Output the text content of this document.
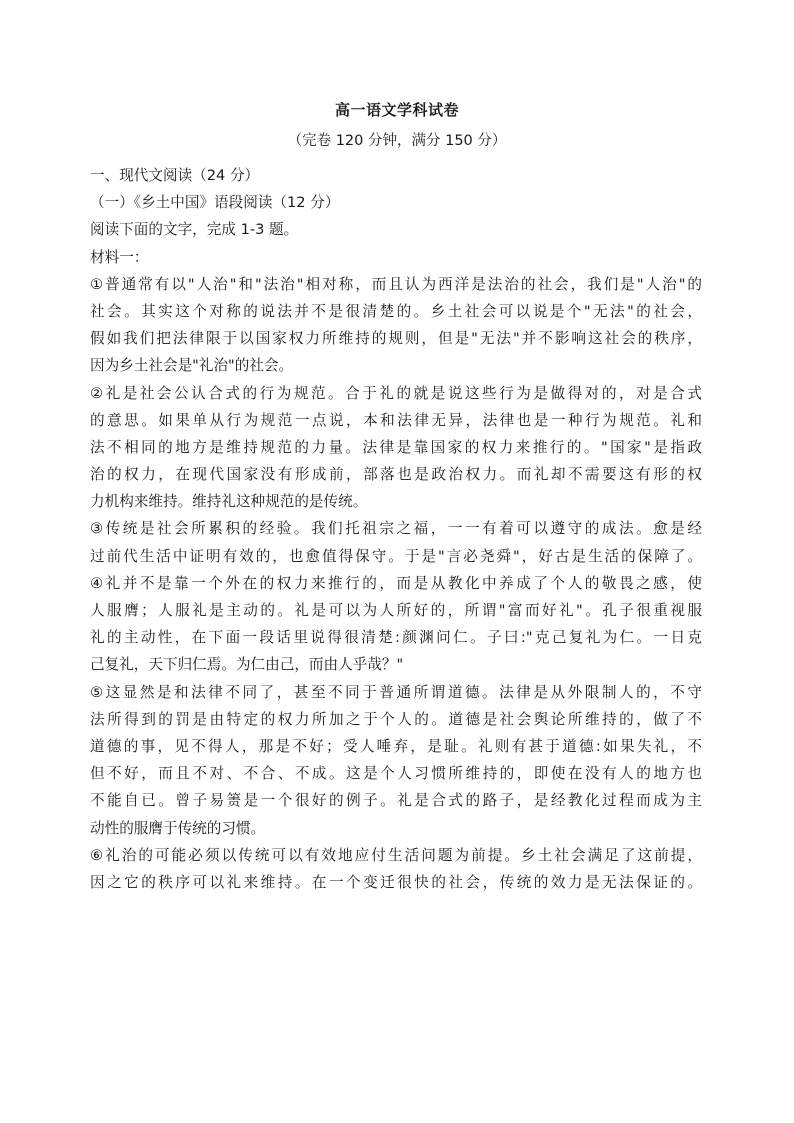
高一语文学科试卷
（完卷 120 分钟，满分 150 分）
一、现代文阅读（24 分）
（一）《乡土中国》语段阅读（12 分）
阅读下面的文字，完成 1-3 题。
材料一：
①普通常有以"人治"和"法治"相对称，而且认为西洋是法治的社会，我们是"人治"的
社会。其实这个对称的说法并不是很清楚的。乡土社会可以说是个"无法"的社会，
假如我们把法律限于以国家权力所维持的规则，但是"无法"并不影响这社会的秩序，
因为乡土社会是"礼治"的社会。
②礼是社会公认合式的行为规范。合于礼的就是说这些行为是做得对的，对是合式
的意思。如果单从行为规范一点说，本和法律无异，法律也是一种行为规范。礼和
法不相同的地方是维持规范的力量。法律是靠国家的权力来推行的。"国家"是指政
治的权力，在现代国家没有形成前，部落也是政治权力。而礼却不需要这有形的权
力机构来维持。维持礼这种规范的是传统。
③传统是社会所累积的经验。我们托祖宗之福，一一有着可以遵守的成法。愈是经
过前代生活中证明有效的，也愈值得保守。于是"言必尧舜"，好古是生活的保障了。
④礼并不是靠一个外在的权力来推行的，而是从教化中养成了个人的敬畏之感，使
人服膺；人服礼是主动的。礼是可以为人所好的，所谓"富而好礼"。孔子很重视服
礼的主动性，在下面一段话里说得很清楚:颜渊问仁。子曰:"克己复礼为仁。一日克
己复礼，天下归仁焉。为仁由己，而由人乎哉？"
⑤这显然是和法律不同了，甚至不同于普通所谓道德。法律是从外限制人的，不守
法所得到的罚是由特定的权力所加之于个人的。道德是社会舆论所维持的，做了不
道德的事，见不得人，那是不好；受人唾弃，是耻。礼则有甚于道德:如果失礼，不
但不好，而且不对、不合、不成。这是个人习惯所维持的，即使在没有人的地方也
不能自已。曾子易箦是一个很好的例子。礼是合式的路子，是经教化过程而成为主
动性的服膺于传统的习惯。
⑥礼治的可能必须以传统可以有效地应付生活问题为前提。乡土社会满足了这前提，
因之它的秩序可以礼来维持。在一个变迁很快的社会，传统的效力是无法保证的。
